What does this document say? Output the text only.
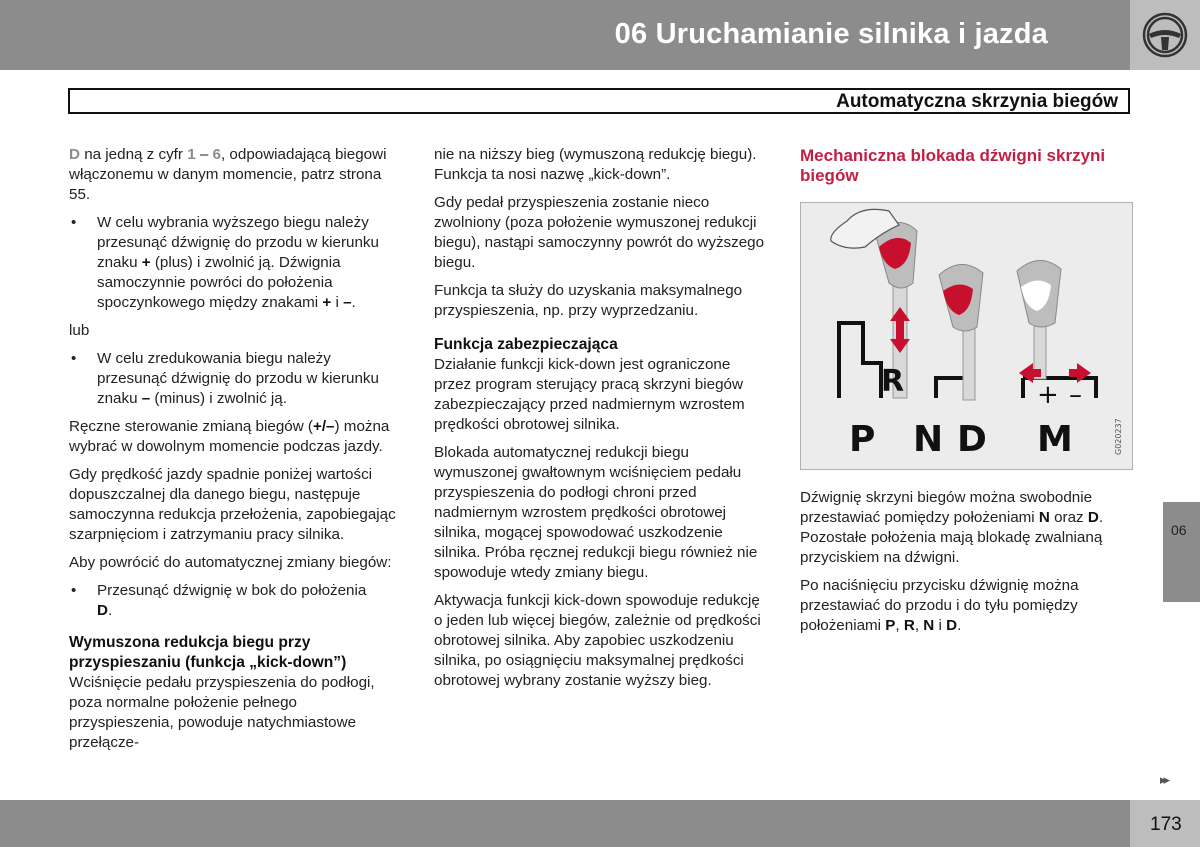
06 Uruchamianie silnika i jazda
Automatyczna skrzynia biegów

D na jedną z cyfr 1 – 6, odpowiadającą biegowi włączonemu w danym momencie, patrz strona 55.

• W celu wybrania wyższego biegu należy przesunąć dźwignię do przodu w kierunku znaku + (plus) i zwolnić ją. Dźwignia samoczynnie powróci do położenia spoczynkowego między znakami + i –.

lub

• W celu zredukowania biegu należy przesunąć dźwignię do przodu w kierunku znaku – (minus) i zwolnić ją.

Ręczne sterowanie zmianą biegów (+/–) można wybrać w dowolnym momencie podczas jazdy.

Gdy prędkość jazdy spadnie poniżej wartości dopuszczalnej dla danego biegu, następuje samoczynna redukcja przełożenia, zapobiegając szarpnięciom i zatrzymaniu pracy silnika.

Aby powrócić do automatycznej zmiany biegów:

• Przesunąć dźwignię w bok do położenia
D.
Wymuszona redukcja biegu przy przyspieszaniu (funkcja „kick-down”)

Wciśnięcie pedału przyspieszenia do podłogi, poza normalne położenie pełnego przyspieszenia, powoduje natychmiastowe przełącze-

nie na niższy bieg (wymuszoną redukcję biegu). Funkcja ta nosi nazwę „kick-down”.

Gdy pedał przyspieszenia zostanie nieco zwolniony (poza położenie wymuszonej redukcji biegu), nastąpi samoczynny powrót do wyższego biegu.

Funkcja ta służy do uzyskania maksymalnego przyspieszenia, np. przy wyprzedzaniu.

Funkcja zabezpieczająca

Działanie funkcji kick-down jest ograniczone przez program sterujący pracą skrzyni biegów zabezpieczający przed nadmiernym wzrostem prędkości obrotowej silnika.

Blokada automatycznej redukcji biegu wymuszonej gwałtownym wciśnięciem pedału przyspieszenia do podłogi chroni przed nadmiernym wzrostem prędkości obrotowej silnika, mogącej spowodować uszkodzenie silnika. Próba ręcznej redukcji biegu również nie spowoduje wtedy zmiany biegu.

Aktywacja funkcji kick-down spowoduje redukcję o jeden lub więcej biegów, zależnie od prędkości obrotowej silnika. Aby zapobiec uszkodzeniu silnika, po osiągnięciu maksymalnej prędkości obrotowej wybrany zostanie wyższy bieg.

Mechaniczna blokada dźwigni skrzyni biegów
R	+ –
P N D M	G020237

Dźwignię skrzyni biegów można swobodnie przestawiać pomiędzy położeniami N oraz D. Pozostałe położenia mają blokadę zwalnianą przyciskiem na dźwigni.

Po naciśnięciu przycisku dźwignię można przestawiać do przodu i do tyłu pomiędzy położeniami P, R, N i D.

06
▸▸
173
